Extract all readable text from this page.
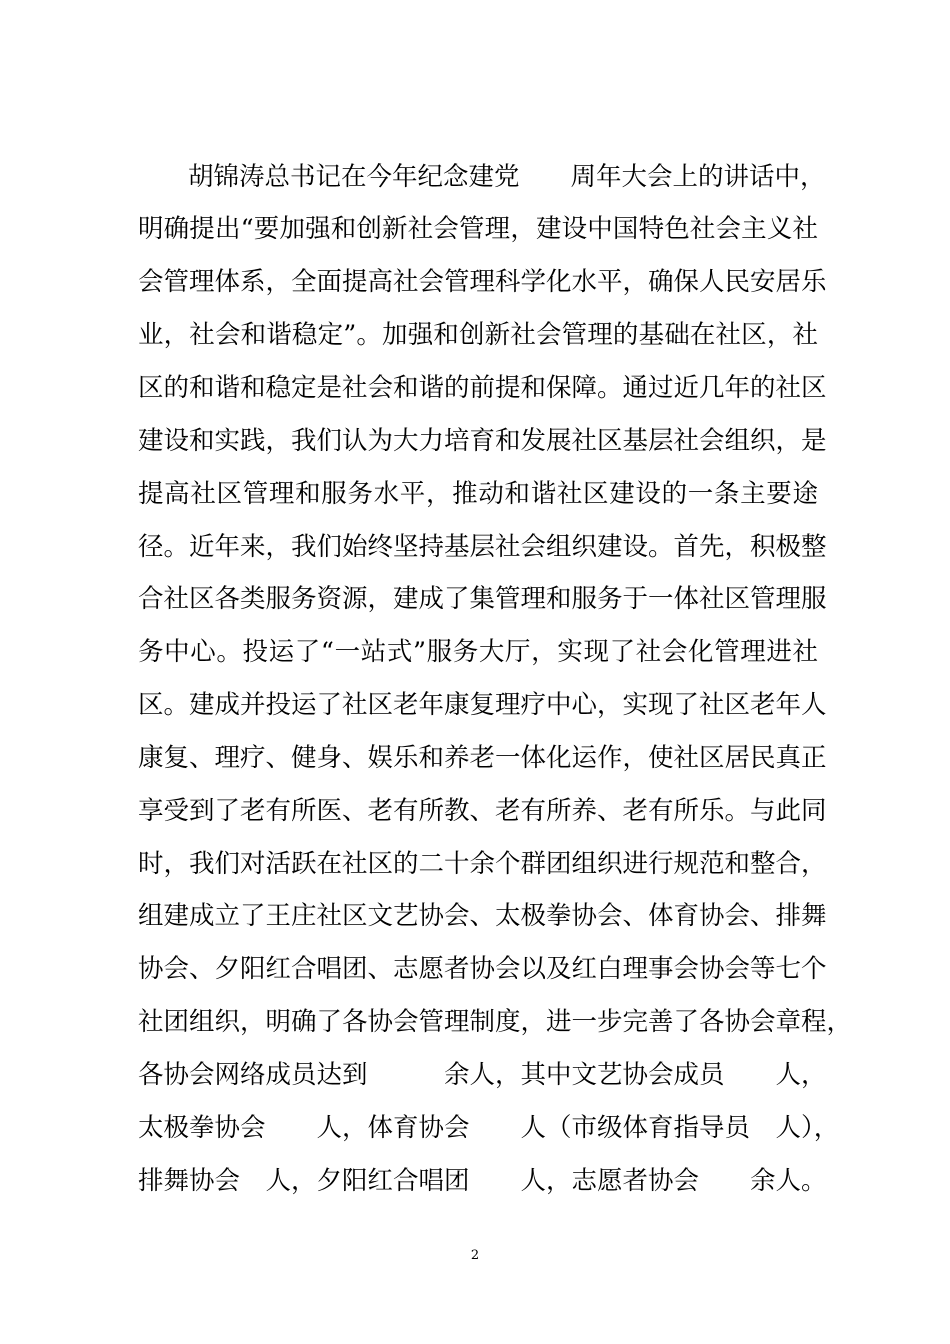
胡锦涛总书记在今年纪念建党　　周年大会上的讲话中，
明确提出“要加强和创新社会管理，建设中国特色社会主义社
会管理体系，全面提高社会管理科学化水平，确保人民安居乐
业，社会和谐稳定”。加强和创新社会管理的基础在社区，社
区的和谐和稳定是社会和谐的前提和保障。通过近几年的社区
建设和实践，我们认为大力培育和发展社区基层社会组织，是
提高社区管理和服务水平，推动和谐社区建设的一条主要途
径。近年来，我们始终坚持基层社会组织建设。首先，积极整
合社区各类服务资源，建成了集管理和服务于一体社区管理服
务中心。投运了“一站式”服务大厅，实现了社会化管理进社
区。建成并投运了社区老年康复理疗中心，实现了社区老年人
康复、理疗、健身、娱乐和养老一体化运作，使社区居民真正
享受到了老有所医、老有所教、老有所养、老有所乐。与此同
时，我们对活跃在社区的二十余个群团组织进行规范和整合，
组建成立了王庄社区文艺协会、太极拳协会、体育协会、排舞
协会、夕阳红合唱团、志愿者协会以及红白理事会协会等七个
社团组织，明确了各协会管理制度，进一步完善了各协会章程，
各协会网络成员达到　　　余人，其中文艺协会成员　　人，
太极拳协会　　人，体育协会　　人（市级体育指导员　人），
排舞协会　人，夕阳红合唱团　　人，志愿者协会　　余人。
2
